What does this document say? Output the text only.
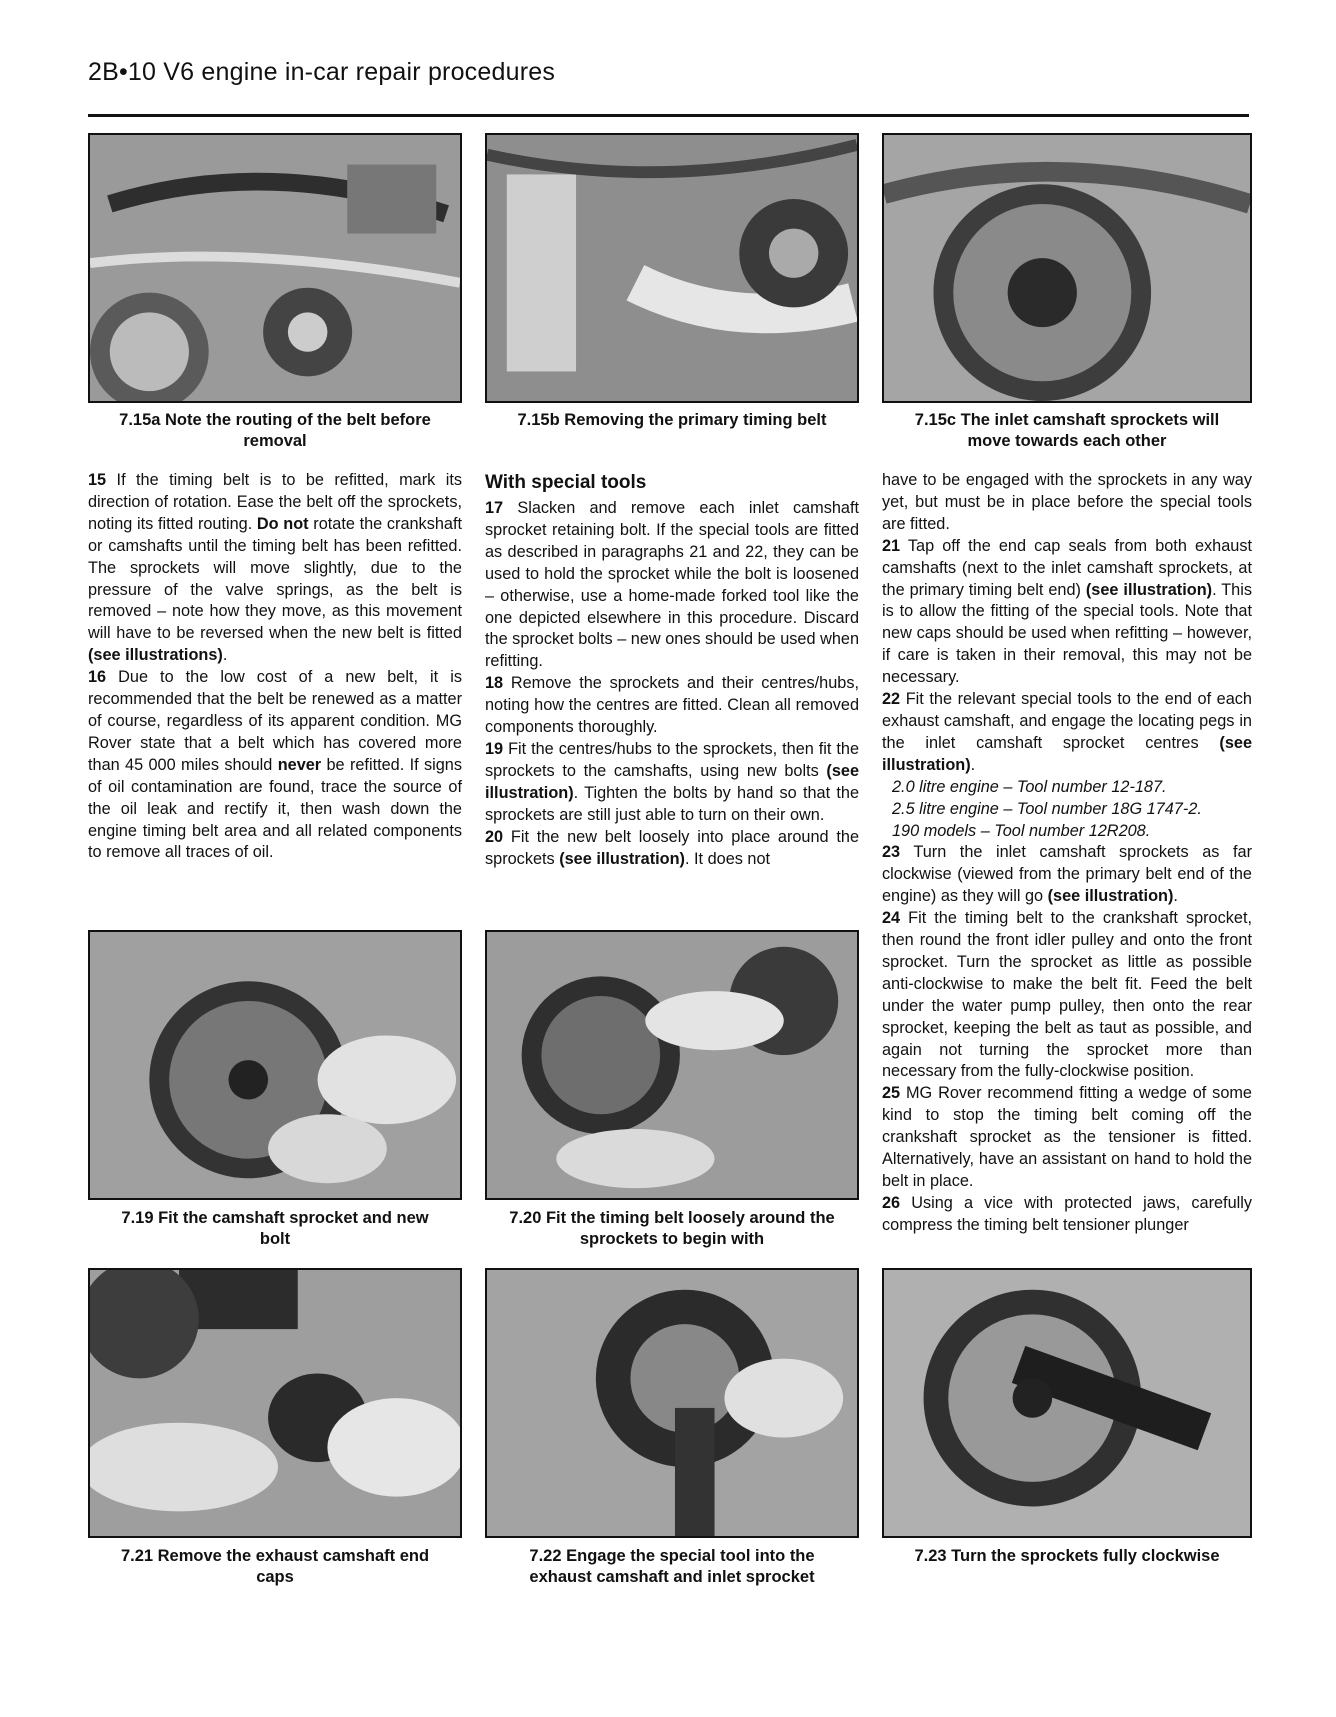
2B•10 V6 engine in-car repair procedures
7.15a Note the routing of the belt before
removal
7.15b Removing the primary timing belt	7.15c The inlet camshaft sprockets will
move towards each other

15 If the timing belt is to be refitted, mark its direction of rotation. Ease the belt off the sprockets, noting its fitted routing. Do not rotate the crankshaft or camshafts until the timing belt has been refitted. The sprockets will move slightly, due to the pressure of the valve springs, as the belt is removed – note how they move, as this movement will have to be reversed when the new belt is fitted (see illustrations).

16 Due to the low cost of a new belt, it is recommended that the belt be renewed as a matter of course, regardless of its apparent condition. MG Rover state that a belt which has covered more than 45 000 miles should never be refitted. If signs of oil contamination are found, trace the source of the oil leak and rectify it, then wash down the engine timing belt area and all related components to remove all traces of oil.

With special tools

17 Slacken and remove each inlet camshaft sprocket retaining bolt. If the special tools are fitted as described in paragraphs 21 and 22, they can be used to hold the sprocket while the bolt is loosened – otherwise, use a home-made forked tool like the one depicted elsewhere in this procedure. Discard the sprocket bolts – new ones should be used when refitting.

18 Remove the sprockets and their centres/hubs, noting how the centres are fitted. Clean all removed components thoroughly.

19 Fit the centres/hubs to the sprockets, then fit the sprockets to the camshafts, using new bolts (see illustration). Tighten the bolts by hand so that the sprockets are still just able to turn on their own.

20 Fit the new belt loosely into place around the sprockets (see illustration). It does not

have to be engaged with the sprockets in any way yet, but must be in place before the special tools are fitted.

21 Tap off the end cap seals from both exhaust camshafts (next to the inlet camshaft sprockets, at the primary timing belt end) (see illustration). This is to allow the fitting of the special tools. Note that new caps should be used when refitting – however, if care is taken in their removal, this may not be necessary.

22 Fit the relevant special tools to the end of each exhaust camshaft, and engage the locating pegs in the inlet camshaft sprocket centres (see illustration).

2.0 litre engine – Tool number 12-187.

2.5 litre engine – Tool number 18G 1747-2.

190 models – Tool number 12R208.

23 Turn the inlet camshaft sprockets as far clockwise (viewed from the primary belt end of the engine) as they will go (see illustration).

24 Fit the timing belt to the crankshaft sprocket, then round the front idler pulley and onto the front sprocket. Turn the sprocket as little as possible anti-clockwise to make the belt fit. Feed the belt under the water pump pulley, then onto the rear sprocket, keeping the belt as taut as possible, and again not turning the sprocket more than necessary from the fully-clockwise position.

25 MG Rover recommend fitting a wedge of some kind to stop the timing belt coming off the crankshaft sprocket as the tensioner is fitted. Alternatively, have an assistant on hand to hold the belt in place.

26 Using a vice with protected jaws, carefully compress the timing belt tensioner plunger

7.19 Fit the camshaft sprocket and new
bolt
7.20 Fit the timing belt loosely around the
sprockets to begin with
7.21 Remove the exhaust camshaft end
caps
7.22 Engage the special tool into the
exhaust camshaft and inlet sprocket
7.23 Turn the sprockets fully clockwise
